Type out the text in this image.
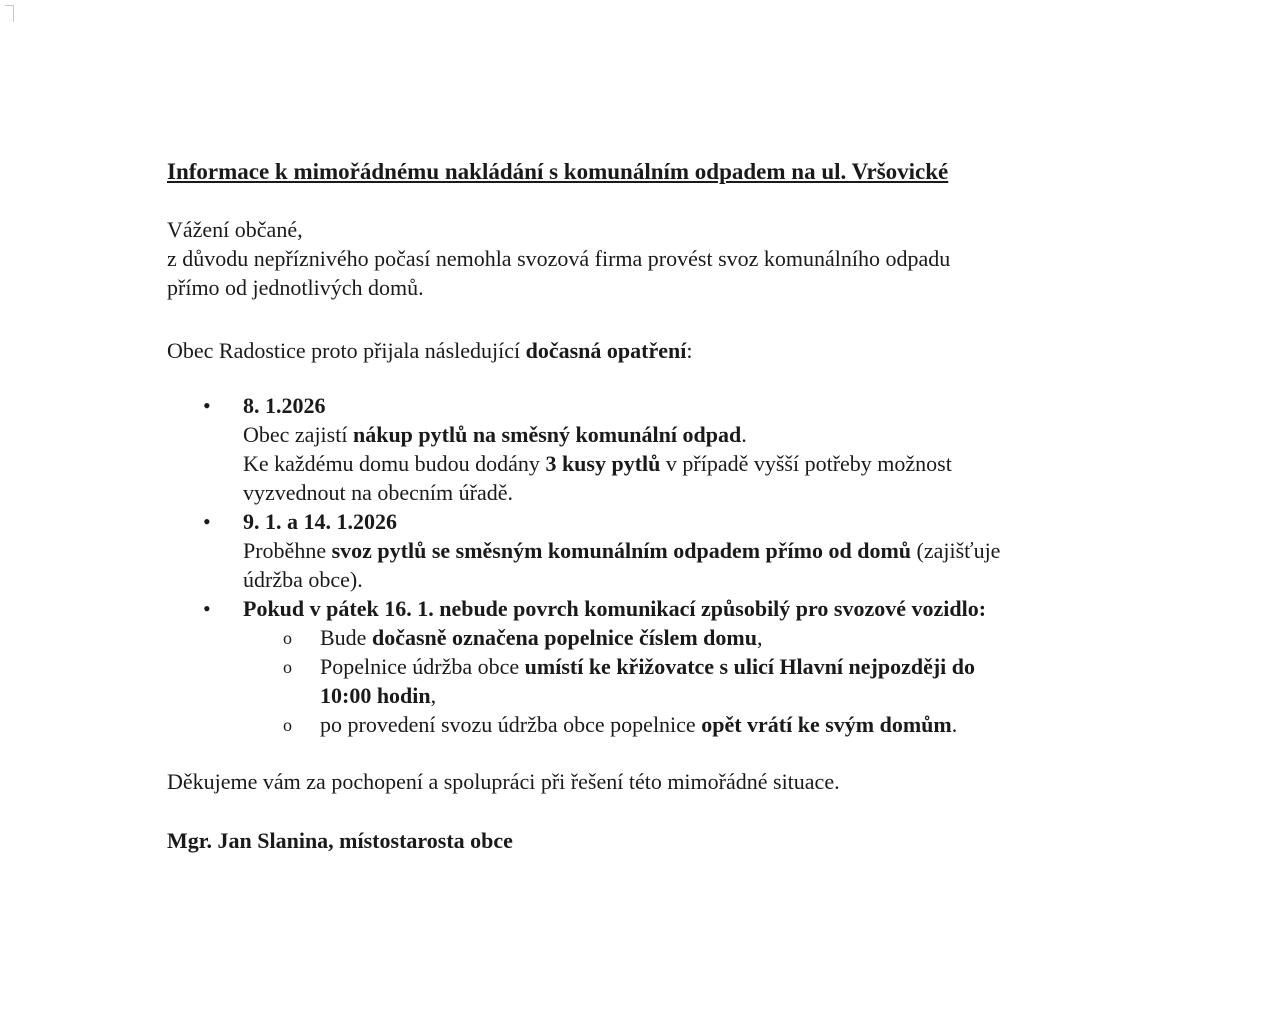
Informace k mimořádnému nakládání s komunálním odpadem na ul. Vršovické
Vážení občané,
z důvodu nepříznivého počasí nemohla svozová firma provést svoz komunálního odpadu
přímo od jednotlivých domů.
Obec Radostice proto přijala následující dočasná opatření:
• 8. 1.2026
Obec zajistí nákup pytlů na směsný komunální odpad.
Ke každému domu budou dodány 3 kusy pytlů v případě vyšší potřeby možnost
vyzvednout na obecním úřadě.
• 9. 1. a 14. 1.2026
Proběhne svoz pytlů se směsným komunálním odpadem přímo od domů (zajišťuje
údržba obce).
• Pokud v pátek 16. 1. nebude povrch komunikací způsobilý pro svozové vozidlo:
o Bude dočasně označena popelnice číslem domu,
o Popelnice údržba obce umístí ke křižovatce s ulicí Hlavní nejpozději do
10:00 hodin,
o po provedení svozu údržba obce popelnice opět vrátí ke svým domům.
Děkujeme vám za pochopení a spolupráci při řešení této mimořádné situace.
Mgr. Jan Slanina, místostarosta obce
